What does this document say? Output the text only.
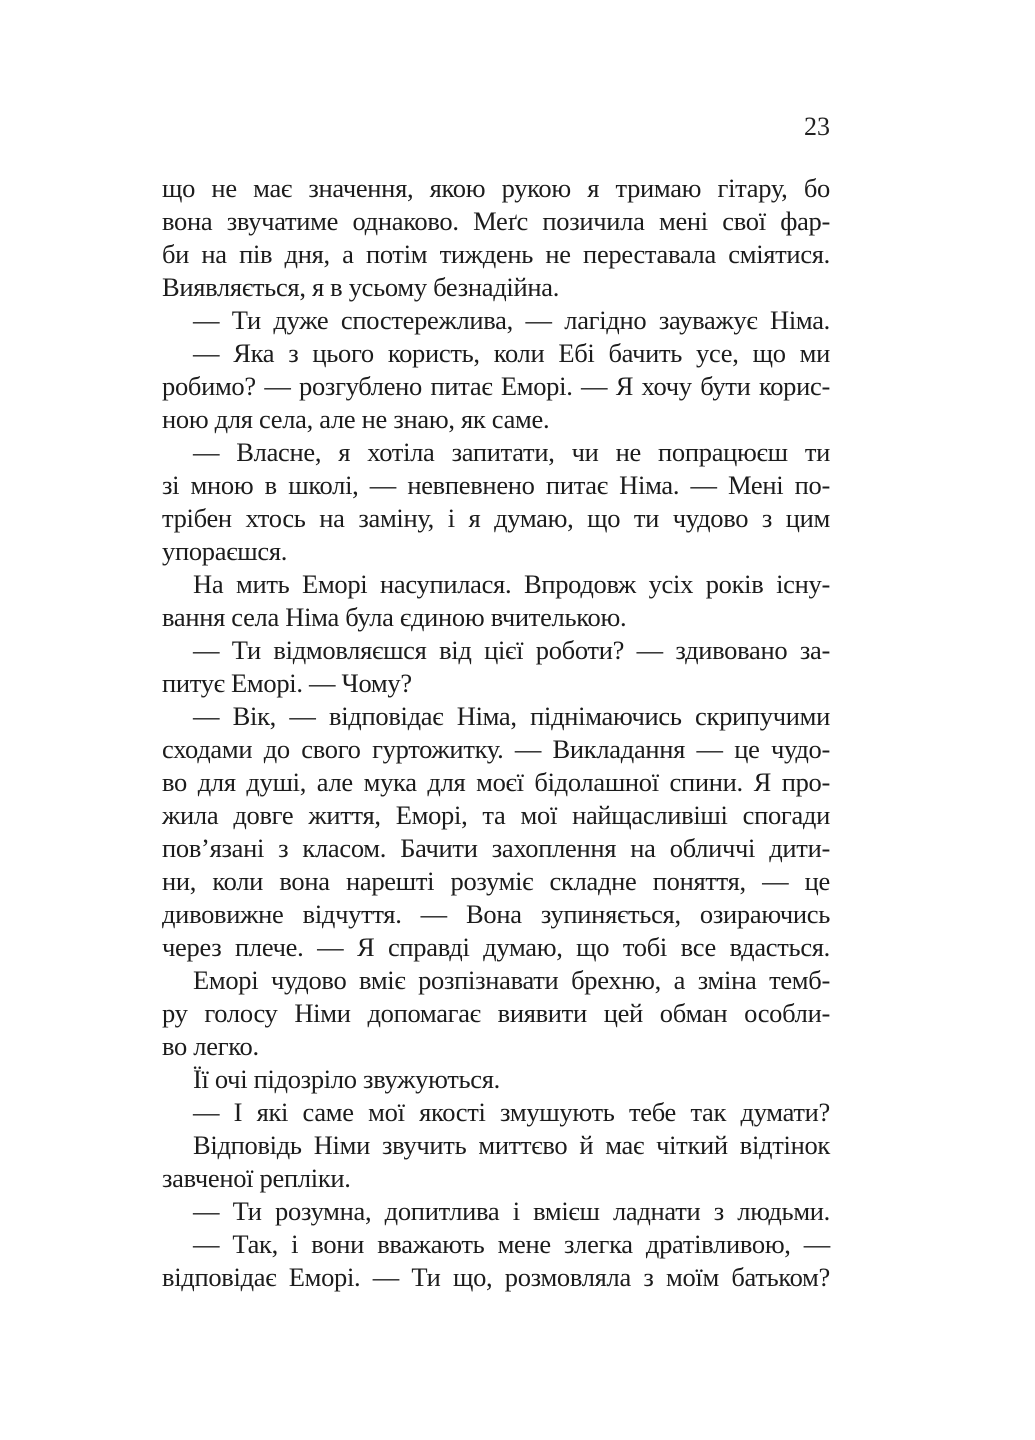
23
що не має значення, якою рукою я тримаю гітару, бо
вона звучатиме однаково. Меґс позичила мені свої фар-
би на пів дня, а потім тиждень не переставала сміятися.
Виявляється, я в усьому безнадійна.
— Ти дуже спостережлива, — лагідно зауважує Німа.
— Яка з цього користь, коли Ебі бачить усе, що ми
робимо? — розгублено питає Еморі. — Я хочу бути корис-
ною для села, але не знаю, як саме.
— Власне, я хотіла запитати, чи не попрацюєш ти
зі мною в школі, — невпевнено питає Німа. — Мені по-
трібен хтось на заміну, і я думаю, що ти чудово з цим
упораєшся.
На мить Еморі насупилася. Впродовж усіх років існу-
вання села Німа була єдиною вчителькою.
— Ти відмовляєшся від цієї роботи? — здивовано за-
питує Еморі. — Чому?
— Вік, — відповідає Німа, піднімаючись скрипучими
сходами до свого гуртожитку. — Викладання — це чудо-
во для душі, але мука для моєї бідолашної спини. Я про-
жила довге життя, Еморі, та мої найщасливіші спогади
пов’язані з класом. Бачити захоплення на обличчі дити-
ни, коли вона нарешті розуміє складне поняття, — це
дивовижне відчуття. — Вона зупиняється, озираючись
через плече. — Я справді думаю, що тобі все вдасться.
Еморі чудово вміє розпізнавати брехню, а зміна темб-
ру голосу Німи допомагає виявити цей обман особли-
во легко.
Її очі підозріло звужуються.
— І які саме мої якості змушують тебе так думати?
Відповідь Німи звучить миттєво й має чіткий відтінок
завченої репліки.
— Ти розумна, допитлива і вмієш ладнати з людьми.
— Так, і вони вважають мене злегка дратівливою, —
відповідає Еморі. — Ти що, розмовляла з моїм батьком?
